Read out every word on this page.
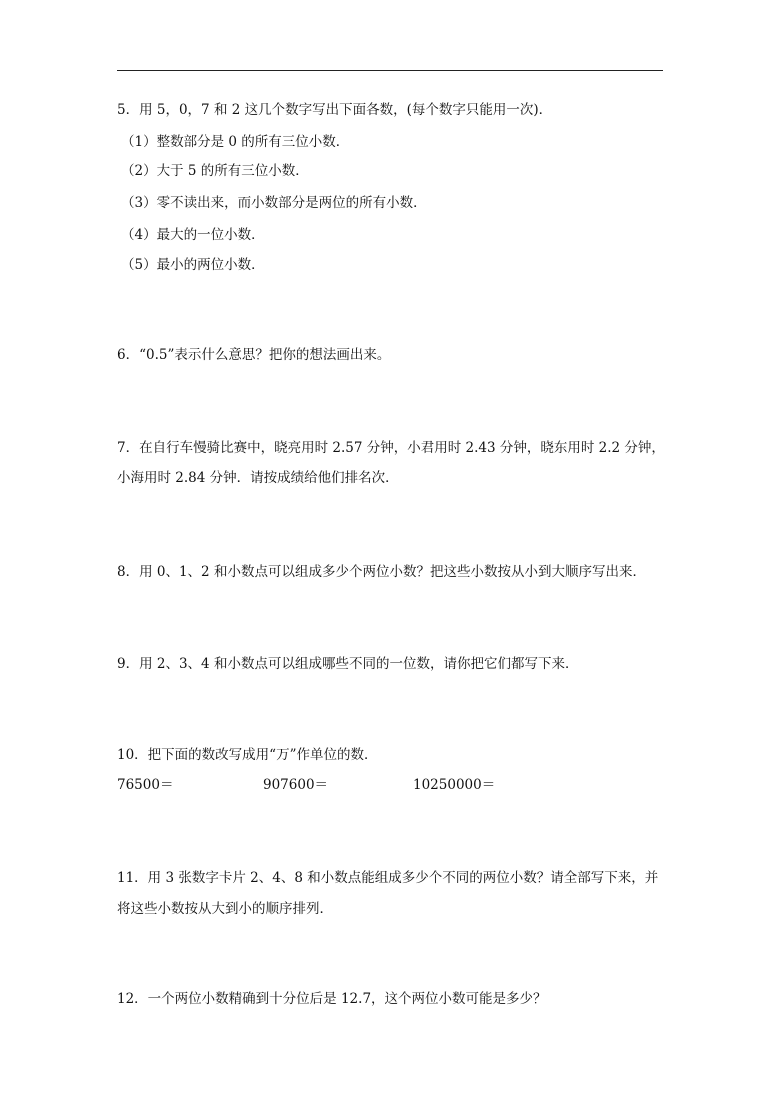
5．用 5，0，7 和 2 这几个数字写出下面各数，(每个数字只能用一次)．
（1）整数部分是 0 的所有三位小数．
（2）大于 5 的所有三位小数．
（3）零不读出来，而小数部分是两位的所有小数．
（4）最大的一位小数．
（5）最小的两位小数．
6．“0.5”表示什么意思？把你的想法画出来。
7．在自行车慢骑比赛中，晓亮用时 2.57 分钟，小君用时 2.43 分钟，晓东用时 2.2 分钟，
小海用时 2.84 分钟．请按成绩给他们排名次．
8．用 0、1、2 和小数点可以组成多少个两位小数？把这些小数按从小到大顺序写出来．
9．用 2、3、4 和小数点可以组成哪些不同的一位数，请你把它们都写下来．
10．把下面的数改写成用“万”作单位的数．
76500＝	907600＝	10250000＝
11．用 3 张数字卡片 2、4、8 和小数点能组成多少个不同的两位小数？请全部写下来，并
将这些小数按从大到小的顺序排列．
12．一个两位小数精确到十分位后是 12.7，这个两位小数可能是多少？
